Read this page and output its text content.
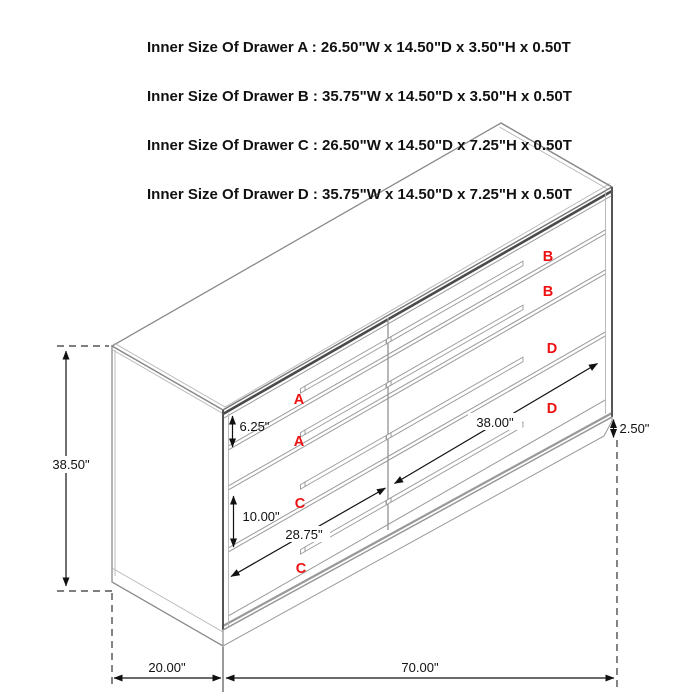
Inner Size Of Drawer A : 26.50"W x 14.50"D x 3.50"H x 0.50T

Inner Size Of Drawer B : 35.75"W x 14.50"D x 3.50"H x 0.50T

Inner Size Of Drawer C : 26.50"W x 14.50"D x 7.25"H x 0.50T

Inner Size Of Drawer D : 35.75"W x 14.50"D x 7.25"H x 0.50T

A
A
B
B
C
C
D
D
38.50"
6.25"
10.00"
28.75"
38.00"	2.50"
20.00"	70.00"
